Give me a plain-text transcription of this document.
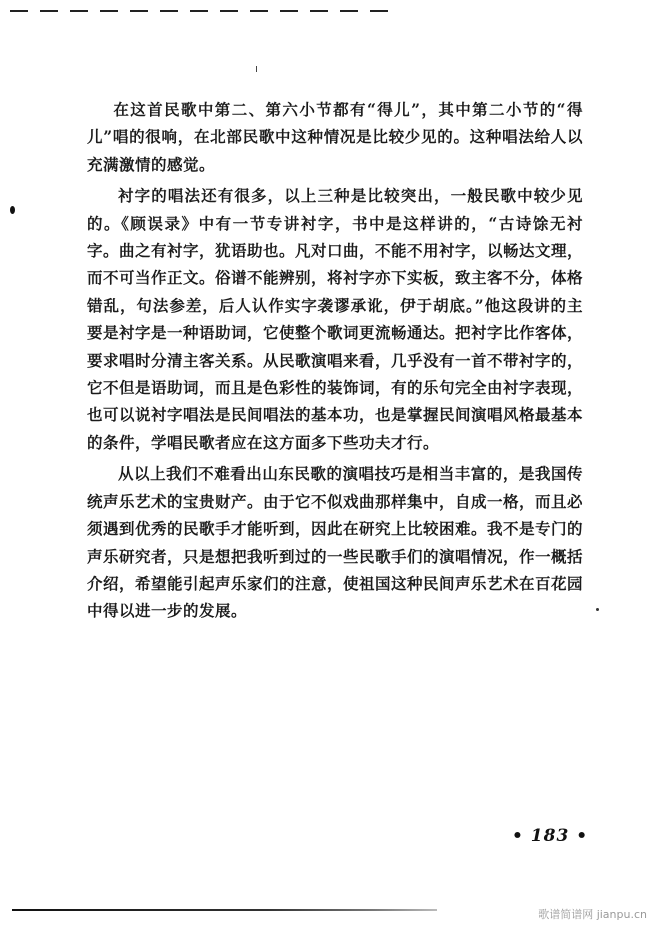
在这首民歌中第二、第六小节都有“得儿”，其中第二小节的“得儿”唱的很响，在北部民歌中这种情况是比较少见的。这种唱法给人以充满激情的感觉。

衬字的唱法还有很多，以上三种是比较突出，一般民歌中较少见的。《顾误录》中有一节专讲衬字，书中是这样讲的，“古诗馀无衬字。曲之有衬字，犹语助也。凡对口曲，不能不用衬字，以畅达文理，而不可当作正文。俗谱不能辨别，将衬字亦下实板，致主客不分，体格错乱，句法参差，后人认作实字袭谬承讹，伊于胡底。”他这段讲的主要是衬字是一种语助词，它使整个歌词更流畅通达。把衬字比作客体，要求唱时分清主客关系。从民歌演唱来看，几乎没有一首不带衬字的，它不但是语助词，而且是色彩性的装饰词，有的乐句完全由衬字表现，也可以说衬字唱法是民间唱法的基本功，也是掌握民间演唱风格最基本的条件，学唱民歌者应在这方面多下些功夫才行。

从以上我们不难看出山东民歌的演唱技巧是相当丰富的，是我国传统声乐艺术的宝贵财产。由于它不似戏曲那样集中，自成一格，而且必须遇到优秀的民歌手才能听到，因此在研究上比较困难。我不是专门的声乐研究者，只是想把我听到过的一些民歌手们的演唱情况，作一概括介绍，希望能引起声乐家们的注意，使祖国这种民间声乐艺术在百花园中得以进一步的发展。

• 183 •
歌谱简谱网 jianpu.cn
